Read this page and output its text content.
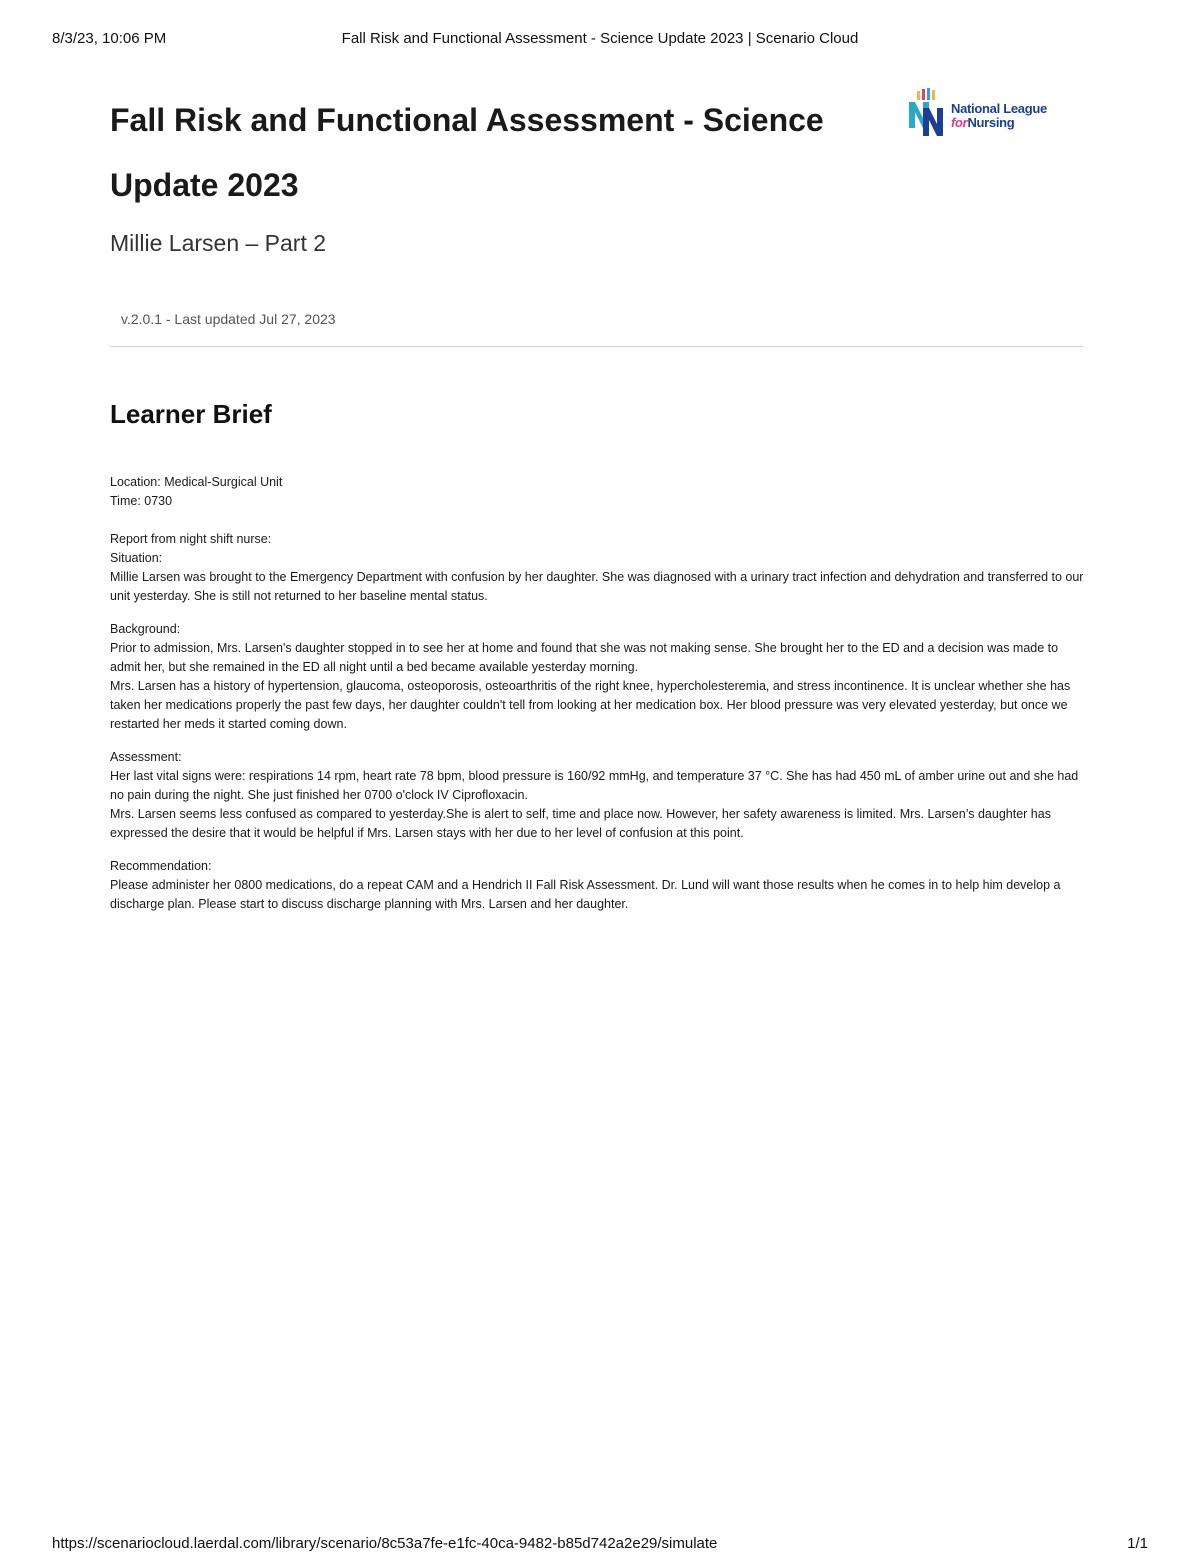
8/3/23, 10:06 PM	Fall Risk and Functional Assessment - Science Update 2023 | Scenario Cloud
National League
forNursing
Fall Risk and Functional Assessment - Science Update 2023
Millie Larsen – Part 2
v.2.0.1 - Last updated Jul 27, 2023
Learner Brief

Location: Medical-Surgical Unit

Time: 0730

Report from night shift nurse:

Situation:

Millie Larsen was brought to the Emergency Department with confusion by her daughter. She was diagnosed with a urinary tract infection and dehydration and transferred to our unit yesterday. She is still not returned to her baseline mental status.

Background:

Prior to admission, Mrs. Larsen's daughter stopped in to see her at home and found that she was not making sense. She brought her to the ED and a decision was made to admit her, but she remained in the ED all night until a bed became available yesterday morning.

Mrs. Larsen has a history of hypertension, glaucoma, osteoporosis, osteoarthritis of the right knee, hypercholesteremia, and stress incontinence. It is unclear whether she has taken her medications properly the past few days, her daughter couldn't tell from looking at her medication box. Her blood pressure was very elevated yesterday, but once we restarted her meds it started coming down.

Assessment:

Her last vital signs were: respirations 14 rpm, heart rate 78 bpm, blood pressure is 160/92 mmHg, and temperature 37 °C. She has had 450 mL of amber urine out and she had no pain during the night. She just finished her 0700 o'clock IV Ciprofloxacin.

Mrs. Larsen seems less confused as compared to yesterday.She is alert to self, time and place now. However, her safety awareness is limited. Mrs. Larsen’s daughter has expressed the desire that it would be helpful if Mrs. Larsen stays with her due to her level of confusion at this point.

Recommendation:

Please administer her 0800 medications, do a repeat CAM and a Hendrich II Fall Risk Assessment. Dr. Lund will want those results when he comes in to help him develop a discharge plan. Please start to discuss discharge planning with Mrs. Larsen and her daughter.

https://scenariocloud.laerdal.com/library/scenario/8c53a7fe-e1fc-40ca-9482-b85d742a2e29/simulate	1/1
